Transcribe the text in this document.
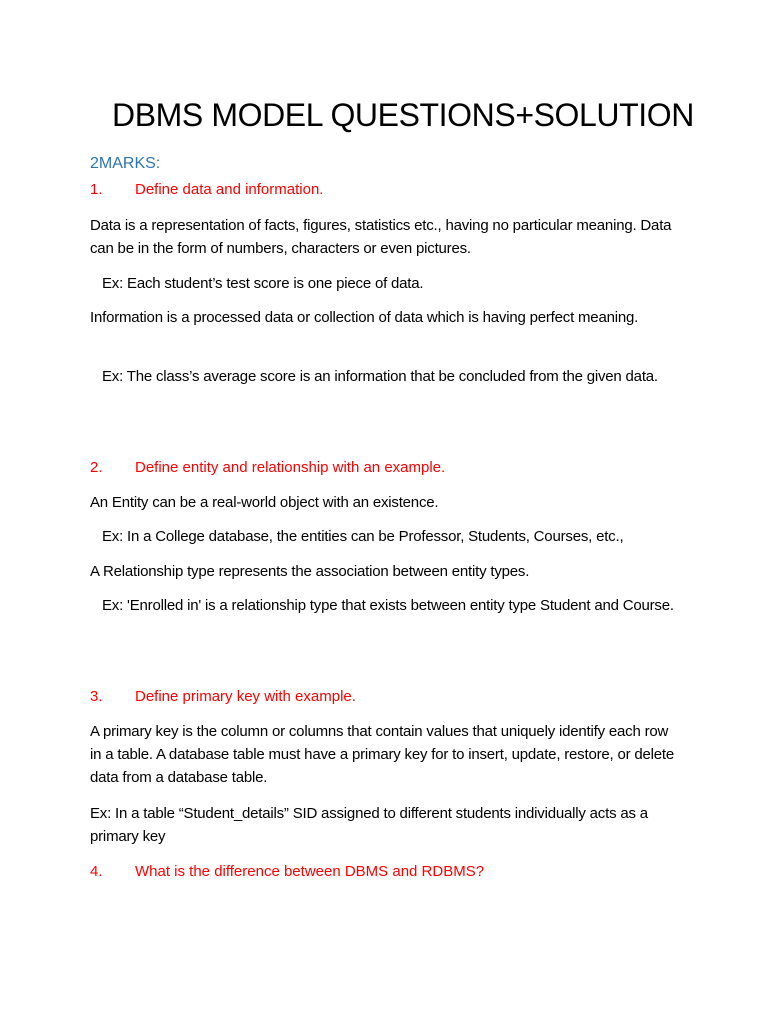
DBMS MODEL QUESTIONS+SOLUTION
2MARKS:
1. Define data and information.
Data is a representation of facts, figures, statistics etc., having no particular meaning. Data can be in the form of numbers, characters or even pictures.
Ex: Each student’s test score is one piece of data.
Information is a processed data or collection of data which is having perfect meaning.
Ex: The class’s average score is an information that be concluded from the given data.
2. Define entity and relationship with an example.
An Entity can be a real-world object with an existence.
Ex: In a College database, the entities can be Professor, Students, Courses, etc.,
A Relationship type represents the association between entity types.
Ex: 'Enrolled in' is a relationship type that exists between entity type Student and Course.
3. Define primary key with example.
A primary key is the column or columns that contain values that uniquely identify each row in a table. A database table must have a primary key for to insert, update, restore, or delete data from a database table.
Ex: In a table “Student_details” SID assigned to different students individually acts as a primary key
4. What is the difference between DBMS and RDBMS?
